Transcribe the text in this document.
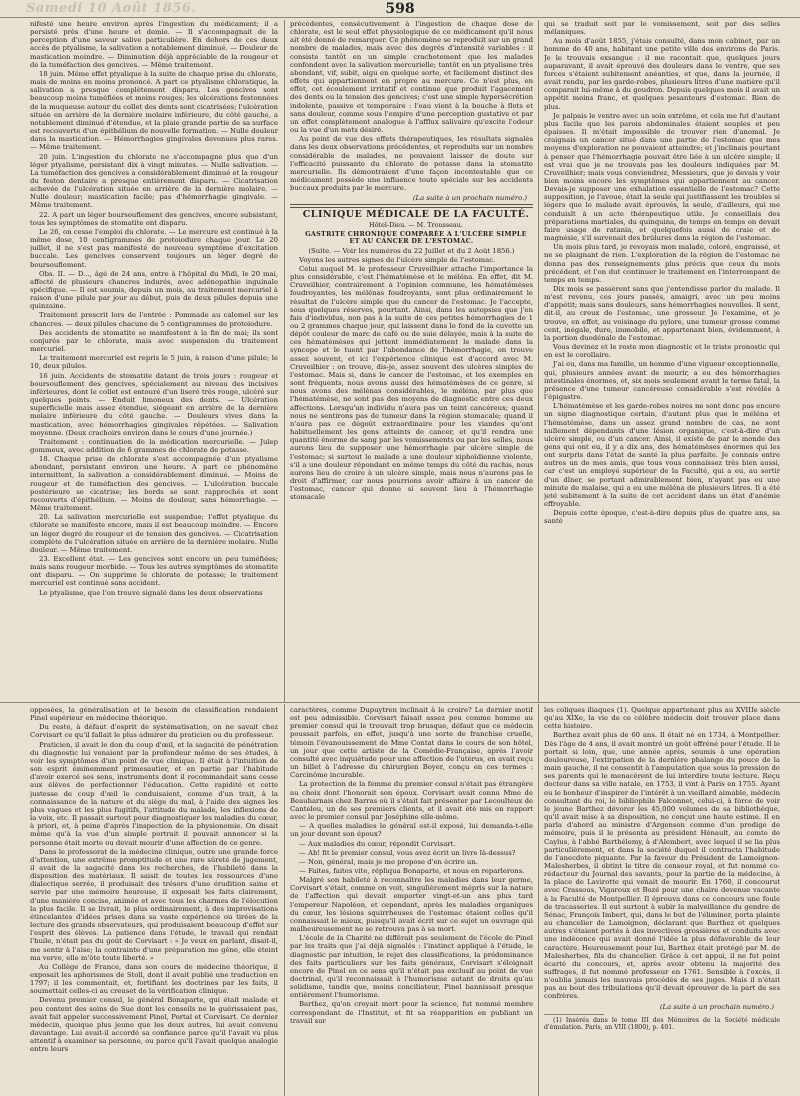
Samedi 10 Août 1856.	598

nifesté une heure environ après l'ingestion du médicament; il a persisté près d'une heure et demie. — Il s'accompagnait de la perception d'une saveur salive particulière. En dehors de ces deux accès de ptyalisme, la salivation a notablement diminué. — Douleur de mastication moindre. — Diminution déjà appréciable de la rougeur et de la tuméfaction des gencives. — Même traitement.

18 juin. Même effet ptyalique à la suite de chaque prise du chlorate, mais de moins en moins prononcé. A part ce ptyalisme chloratique, la salivation a presque complètement disparu. Les gencives sont beaucoup moins tuméfiées et moins rouges; les ulcérations festonnées de la muqueuse autour du collet des dents sont cicatrisées; l'ulcération située en arrière de la dernière molaire inférieure, du côté gauche, a notablement diminué d'étendue, et la plaie grande partie de sa surface est recouverte d'un épithélium de nouvelle formation. — Nulle douleur dans la mastication. — Hémorrhagies gingivales devenues plus rares. — Même traitement.

20 juin. L'ingestion du chlorate ne s'accompagne plus que d'un léger ptyalisme, persistant dix à vingt minutes. — Nulle salivation. — La tuméfaction des gencives a considérablement diminué et la rougeur du feston dentaire a presque entièrement disparu. — Cicatrisation achevée de l'ulcération située en arrière de la dernière molaire. — Nulle douleur; mastication facile; pas d'hémorrhagie gingivale. — Même traitement.

22. A part un léger boursouflement des gencives, encore subsistant, tous les symptômes de stomatite ont disparu.

Le 26, on cesse l'emploi du chlorate. — Le mercure est continué à la même dose, 10 centigrammes de protoiodure chaque jour. Le 20 juillet, il ne s'est pas manifesté de nouveau symptôme d'excitation buccale. Les gencives conservent toujours un léger degré de boursouflement.

Obs. II. — D..., âgé de 24 ans, entre à l'hôpital du Midi, le 20 mai, affecté de plusieurs chancres indurés, avec adénopathie inguinale spécifique. — Il est soumis, depuis un mois, au traitement mercuriel à raison d'une pilule par jour au début, puis de deux pilules depuis une quinzaine.

Traitement prescrit lors de l'entrée : Pommade au calomel sur les chancres. — deux pilules chacune de 5 centigrammes de protoiodure.

Des accidents de stomatite se manifestent à la fin de mai; ils sont conjurés par le chlorate, mais avec suspension du traitement mercuriel.

Le traitement mercuriel est repris le 5 juin, à raison d'une pilule; le 10, deux pilules.

16 juin. Accidents de stomatite datant de trois jours : rougeur et boursouflement des gencives, spécialement au niveau des incisives inférieures, dont le collet est entouré d'un liseré très rouge, ulcéré sur quelques points. — Enduit limoneux des dents. — Ulcération superficielle mais assez étendue, siégeant en arrière de la dernière molaire inférieure du côté gauche. — Douleurs vives dans la mastication, avec hémorrhagies gingivales répétées. — Salivation moyenne. (Deux crachoirs environ dans le cours d'une journée.)

Traitement : continuation de la médication mercurielle. — Julep gommeux, avec addition de 6 grammes de chlorate de potasse.

18. Chaque prise de chlorate s'est accompagnée d'un ptyalisme abondant, persistant environ une heure. A part ce phénomène intermittent, la salivation a considérablement diminué. — Moins de rougeur et de tuméfaction des gencives. — L'ulcération buccale postérieure se cicatrise; les bords se sont rapprochés et sont recouverts d'épithélium. — Moins de douleur, sans hémorrhagie. — Même traitement.

20. La salivation mercurielle est suspendue; l'effet ptyalique du chlorate se manifeste encore, mais il est beaucoup moindre. — Encore un léger degré de rougeur et de tension des gencives. — Cicatrisation complète de l'ulcération située en arrière de la dernière molaire. Nulle douleur. — Même traitement.

23. Excellent état. — Les gencives sont encore un peu tuméfiées; mais sans rougeur morbide. — Tous les autres symptômes de stomatite ont disparu. — On supprime le chlorate de potasse; le traitement mercuriel est continué sans accident.

Le ptyalisme, que l'on trouve signalé dans les deux observations

précédentes, consécutivement à l'ingestion de chaque dose de chlorate, est le seul effet physiologique de ce médicament qu'il nous ait été donné de remarquer. Ce phénomène se reproduit sur un grand nombre de malades, mais avec des degrés d'intensité variables : il consiste tantôt en un simple crachotement que les malades confondent avec la salivation mercurielle; tantôt en un ptyalisme très abondant, vif, subit, aigu en quelque sorte, et facilement distinct des effets qui appartiennent en propre au mercure. Ce n'est plus, en effet, cet écoulement irritatif et continue que produit l'agacement des dents ou la tension des gencives; c'est une simple hypersécrétion indolente, passive et temporaire : l'eau vient à la bouche à flots et sans douleur, comme sous l'empire d'une perception gustative et par un effet complètement analogue à l'afflux salivaire qu'excite l'odeur ou la vue d'un mets désiré.

Au point de vue des effets thérapeutiques, les résultats signalés dans les deux observations précédentes, et reproduits sur un nombre considérable de malades, ne pouvaient laisser de doute sur l'efficacité puissante du chlorate de potasse dans la stomatite mercurielle. Ils démontraient d'une façon incontestable que ce médicament possède une influence toute spéciale sur les accidents buccaux produits par le mercure.

(La suite à un prochain numéro.)

CLINIQUE MÉDICALE DE LA FACULTÉ.

Hôtel-Dieu. — M. Trousseau.

GASTRITE CHRONIQUE COMPARÉE A L'ULCÈRE SIMPLE ET AU CANCER DE L'ESTOMAC.

(Suite. — Voir les numéros du 22 Juillet et du 2 Août 1856.)

Voyons les autres signes de l'ulcère simple de l'estomac.

Celui auquel M. le professeur Cruveilhier attache l'importance la plus considérable, c'est l'hématémèse et le méléna. En effet, dit M. Cruveilhier, contrairement à l'opinion commune, les hématémèses foudroyantes, les mélénas foudroyants, sont plus ordinairement le résultat de l'ulcère simple que du cancer de l'estomac. Je l'accepte, sous quelques réserves, pourtant. Ainsi, dans les autopsies que j'en fais d'individus, non pas à la suite de ces petites hémorrhagies de 1 ou 2 grammes chaque jour, qui laissent dans le fond de la cuvette un dépôt couleur de marc de café ou de suie délayée, mais à la suite de ces hématémèses qui jettent immédiatement le malade dans la syncope et le tuent par l'abondance de l'hémorrhagie, on trouve assez souvent, et ici l'expérience clinique est d'accord avec M. Cruveilhier : on trouve, dis-je, assez souvent des ulcères simples de l'estomac. Mais si, dans le cancer de l'estomac, et les exemples en sont fréquents, nous avons aussi des hématémèses de ce genre, si nous avons des mélénas considérables, le méléna, par plus que l'hématémèse, ne sont pas des moyens de diagnostic entre ces deux affections. Lorsqu'un individu n'aura pas un teint cancéreux; quand nous ne sentirons pas de tumeur dans la région stomacale; quand il n'aura pas ce dégoût extraordinaire pour les viandes qu'ont habituellement les gens atteints de cancer, et qu'il rendra une quantité énorme de sang par les vomissements ou par les selles, nous aurons lieu de supposer une hémorrhagie par ulcère simple de l'estomac; si surtout le malade a une douleur xiphoïdienne violente, s'il a une douleur répondant en même temps du côté du rachis, nous aurons lieu de croire à un ulcère simple, mais nous n'aurons pas le droit d'affirmer, car nous pourrions avoir affaire à un cancer de l'estomac, cancer qui donne si souvent lieu à l'hémorrhagie stomacale

qui se traduit soit par le vomissement, soit par des selles mélaniques.

Au mois d'août 1855, j'étais consulté, dans mon cabinet, par un homme de 40 ans, habitant une petite ville des environs de Paris. Je le trouvais exsangue : il me racontait que, quelques jours auparavant, il avait éprouvé des douleurs dans le ventre, que ses forces s'étaient subitement anéanties, et que, dans la journée, il avait rendu, par les garde-robes, plusieurs litres d'une matière qu'il comparait lui-même à du goudron. Depuis quelques mois il avait un appétit moins franc, et quelques pesanteurs d'estomac. Rien de plus.

Je palpais le ventre avec un soin extrême, et cela me fut d'autant plus facile que les parois abdominales étaient souples et peu épaisses. Il m'était impossible de trouver rien d'anomal. Je craignais un cancer situé dans une partie de l'estomac que mes moyens d'exploration ne pouvaient atteindre; et j'inclinais pourtant à penser que l'hémorrhagie pouvait être liée à un ulcère simple; il est vrai que je ne trouvais pas les douleurs indiquées par M. Cruveilhier; mais vous conviendrez, Messieurs, que je devais y voir bien moins encore les symptômes qui appartiennent au cancer. Devais-je supposer une exhalation essentielle de l'estomac? Cette supposition, je l'avoue, était la seule qui justifiassent les troubles si légers que le malade avait éprouvés, la seule, d'ailleurs, qui me conduisît à un acte thérapeutique utile. Je conseillais des préparations martiales, du quinquina, de temps en temps on devait faire usage de ratania, et quelquefois aussi de craie et de magnésie, s'il survenait des brûlures dans la région de l'estomac.

Un mois plus tard, je revoyais mon malade, coloré, engraissé, et ne se plaignant de rien. L'exploration de la région de l'estomac ne donna pas des renseignements plus précis que ceux du mois précédent, et l'on dut continuer le traitement en l'interrompant de temps en temps.

Dix mois se passèrent sans que j'entendisse parler du malade. Il m'est revenu, ces jours passés, amaigri, avec un peu moins d'appétit; mais sans douleurs, sans hémorrhagies nouvelles. Il sent, dit-il, au creux de l'estomac, une grosseur. Je l'examine, et je trouve, en effet, au voisinage du pylore, une tumeur grosse comme cent, inégale, dure, immobile, et appartenant bien, évidemment, à la portion duodénale de l'estomac.

Vous devinez et le reste mon diagnostic et le triste pronostic qui en est le corollaire.

J'ai eu, dans ma famille, un homme d'une vigueur exceptionnelle, qui, plusieurs années avant de mourir, a eu des hémorrhagies intestinales énormes, et, six mois seulement avant le terme fatal, la présence d'une tumeur cancéreuse considérable s'est révélée à l'épigastre.

L'hématémèse et les garde-robes noires ne sont donc pas encore un signe diagnostique certain, d'autant plus que le méléna et l'hématémèse, dans un assez grand nombre de cas, ne sont nullement dépendants d'une lésion organique, c'est-à-dire d'un ulcère simple, ou d'un cancer. Ainsi, il existe de par le monde des gens qui ont eu, il y a dix ans, des hématémèses énormes qui les ont surpris dans l'état de santé la plus parfaite. Je connais entre autres un de mes amis, que tous vous connaissez très bien aussi, car c'est un employé supérieur de la Faculté, qui a eu, au sortir d'un dîner, se portant admirablement bien, n'ayant pas eu une minute de malaise, qui a eu une méléna de plusieurs litres. Il a été jeté subitement à la suite de cet accident dans un état d'anémie effroyable.

Depuis cette époque, c'est-à-dire depuis plus de quatre ans, sa santé

opposées, la généralisation et le besoin de classification rendaient Pinel supérieur en médecine théorique.

Du reste, à défaut d'esprit de systématisation, on ne savait chez Corvisart ce qu'il fallait le plus admirer du praticien ou du professeur.

Praticien, il avait le don du coup d'œil, et la sagacité de pénétration du diagnostic lui venaient par la profondeur même de ses études, à voir les symptômes d'un point de vue clinique. Il était à l'intuition de son esprit éminemment primesautier, et en partie par l'habitude d'avoir exercé ses sens, instruments dont il recommandait sans cesse aux élèves de perfectionner l'éducation. Cette rapidité et cette justesse de coup d'œil le conduisaient, comme d'un trait, à la connaissance de la nature et du siège du mal, à l'aide des signes les plus vagues et les plus fugitifs, l'attitude du malade, les inflexions de la voix, etc. Il passait surtout pour diagnostiquer les maladies du cœur, à priori, et, à peine d'après l'inspection de la physionomie. On disait même qu'à la vue d'un simple portrait il pouvait annoncer si la personne était morte ou devait mourir d'une affection de ce genre.

Dans le professorat de la médecine clinique, outre une grande force d'attention, une extrême promptitude et une rare sûreté de jugement, il avait de la sagacité dans les recherches, de l'habileté dans la disposition des matériaux. Il saisit de toutes les ressources d'une dialectique serrée, il produisait des trésors d'une érudition saine et servie par une mémoire heureuse, il exposait les faits clairement, d'une manière concise, animée et avec tous les charmes de l'élocution la plus facile. Il se livrait, le plus ordinairement, à des improvisations étincelantes d'idées prises dans sa vaste expérience ou tirées de la lecture des grands observateurs, qui produisaient beaucoup d'effet sur l'esprit des élèves. La patience dans l'étude, le travail qui rendait l'huile, n'était pas du goût de Corvisart : « Je veux en parlant, disait-il, me sentir à l'aise; la contrainte d'une préparation me gêne, elle éteint ma verve, elle m'ôte toute liberté. »

Au Collège de France, dans son cours de médecine théorique, il exposait les aphorismes de Stoll, dont il avait publié une traduction en 1797; il les commentait, et, fortifiant les doctrines par les faits, il soumettait celles-ci au creuset de la vérification clinique.

Devenu premier consul, le général Bonaparte, qui était malade et peu content des soins de Sue dont les conseils ne le guérissaient pas, avait fait appeler successivement Pinel, Portal et Corvisart. Ce dernier médecin, quoique plus jeune que les deux autres, lui avait convenu davantage. Lui avait-il accordé sa confiance parce qu'il l'avait vu plus attentif à examiner sa personne, ou parce qu'il l'avait quelque analogie entre leurs

caractères, comme Dupuytren inclinait à le croire? Le dernier motif est peu admissible. Corvisart faisait assez peu comme homme au premier consul qui le trouvait trop brusque, défaut que ce médecin poussait parfois, en effet, jusqu'à une sorte de franchise cruelle, témoin l'évanouissement de Mme Contat dans le cours de son hôtel, un jour que cette artiste de la Comédie-Française, après l'avoir consulté avec inquiétude pour une affection de l'utérus, en avait reçu un billet à l'adresse du chirurgien Boyer, conçu en ces termes : Carcinôme incurable.

La protection de la femme du premier consul n'était pas étrangère au choix dont l'honorait son époux. Corvisart avait connu Mme de Beauharnais chez Barras où il s'était fait présenter par Lecoulteux de Canteleu, un de ses premiers clients, et il avait été mis en rapport avec le premier consul par Joséphine elle-même.

— A quelles maladies le général est-il exposé, lui demanda-t-elle un jour devant son époux?

— Aux maladies du cœur, répondit Corvisart.

— Ah! fit le premier consul, vous avez écrit un livre là-dessus?

— Non, général, mais je me propose d'en écrire un.

— Faites, faites vite, répliqua Bonaparte, et nous en reparlerons.

Malgré son habileté à reconnaître les maladies dans leur germe, Corvisart s'était, comme on voit, singulièrement mépris sur la nature de l'affection qui devait emporter vingt-et-un ans plus tard l'empereur Napoléon, et cependant, après les maladies organiques du cœur, les lésions squirrheuses de l'estomac étaient celles qu'il connaissait le mieux, puisqu'il avait écrit sur ce sujet un ouvrage qui malheureusement ne se retrouva pas à sa mort.

L'école de la Charité ne différait pas seulement de l'école de Pinel par les traits que j'ai déjà signalés : l'instinct appliqué à l'étude, le diagnostic par intuition, le rejet des classifications, la prédominance des faits particuliers sur les faits généraux, Corvisart s'éloignait encore de Pinel en ce sens qu'il n'était pas exclusif au point de vue doctrinal, qu'il reconnaissait à l'humorisme autant de droits qu'au solidisme, tandis que, moins conciliateur, Pinel bannissait presque entièrement l'humorisme.

Barthez, qu'on croyait mort pour la science, fut nommé membre correspondant de l'Institut, et fit sa réapparition en publiant un travail sur

les coliques iliaques (1). Quelque appartenant plus au XVIIIe siècle qu'au XIXe, la vie de ce célèbre médecin doit trouver place dans cette histoire.

Barthez avait plus de 60 ans. Il était né en 1734, à Montpellier. Dès l'âge de 4 ans, il avait montré un goût effréné pour l'étude. Il le portait si loin, que, une année après, soumis à une opération douloureuse, l'extirpation de la dernière phalange du pouce de la main gauche, il ne consentit à l'amputation que sous la pression de ses parents qui le menacèrent de lui interdire toute lecture. Reçu docteur dans sa ville natale, en 1753, il vint à Paris en 1755. Ayant eu le bonheur d'inspirer de l'intérêt à un vieillard aimable, médecin consultant du roi, le bibliophile Falconnet, celui-ci, à force de voir le jeune Barthez dévorer les 45,000 volumes de sa bibliothèque, qu'il avait mise à sa disposition, ne conçut une haute estime. Il en parla d'abord au ministre d'Argenson comme d'un prodige de mémoire, puis il le présenta au président Hénault, au comte de Caylus, à l'abbé Barthélemy, à d'Alembert, avec lequel il se lia plus particulièrement, et dans la société duquel il contracta l'habitude de l'anecdote piquante. Par la faveur du Président de Lamoignon-Malesherbes, il obtint le titre de censeur royal, et fut nommé co-rédacteur du Journal des savants, pour la partie de la médecine, à la place de Lavirotte qui venait de mourir. En 1760, il concourut avec Crassous, Vigaroux et Bozé pour une chaire devenue vacante à la Faculté de Montpellier. Il éprouva dans ce concours une foule de tracasseries. Il eut surtout à subir la malveillance du gendre de Sénac, François Imbert, qui, dans le but de l'éliminer, porta plainte au chancelier de Lamoignon, déclarant que Barthez et quelques autres s'étaient portés à des invectives grossières et conduits avec une indécence qui avait donné l'idée la plus défavorable de leur caractère. Heureusement pour lui, Barthez était protégé par M. de Malesherbes, fils du chancelier. Grâce à cet appui, il ne fut point écarté du concours, et, après avoir obtenu la majorité des suffrages, il fut nommé professeur en 1761. Sensible à l'excès, il n'oublia jamais les mauvais procédés de ses juges. Mais il n'était pas au bout des tribulations qu'il devait éprouver de la part de ses confrères.

(La suite à un prochain numéro.)

(1) Insérés dans le tome III des Mémoires de la Société médicale d'émulation. Paris, an VIII (1800), p. 401.
